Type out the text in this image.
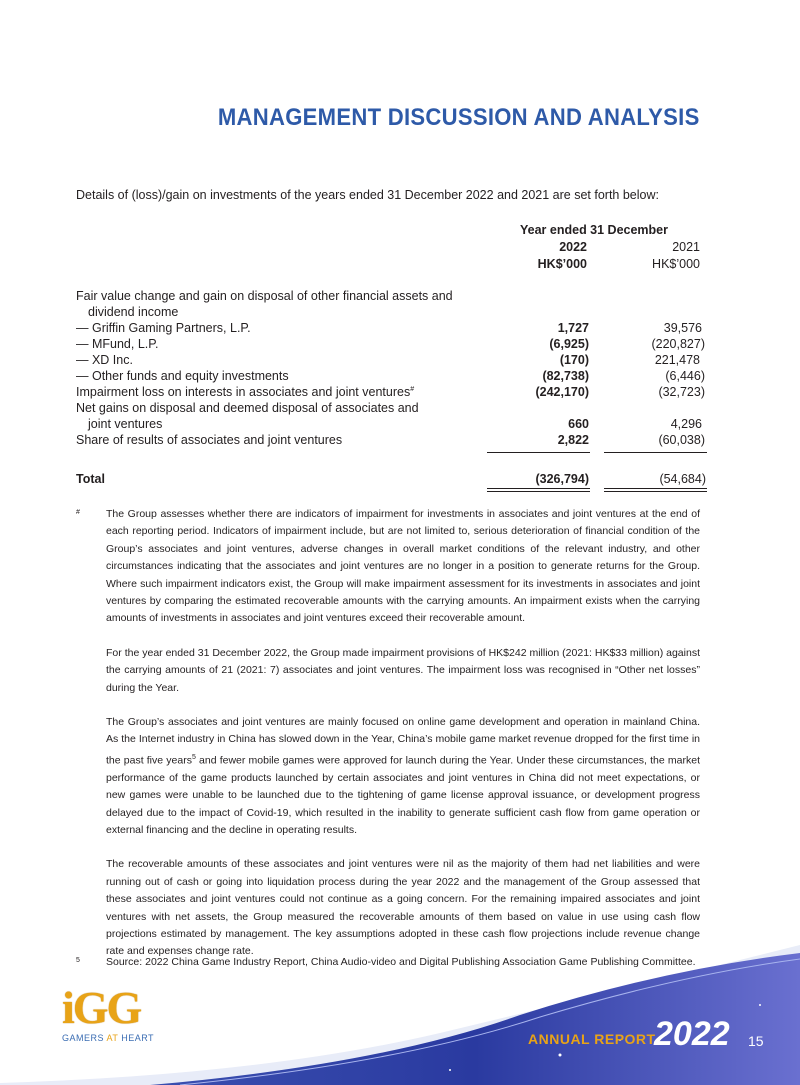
MANAGEMENT DISCUSSION AND ANALYSIS
Details of (loss)/gain on investments of the years ended 31 December 2022 and 2021 are set forth below:
Year ended 31 December
2022	2021
HK$’000	HK$’000
Fair value change and gain on disposal of other financial assets and
dividend income
— Griffin Gaming Partners, L.P.	1,727	39,576
— MFund, L.P.	(6,925)	(220,827)
— XD Inc.	(170)	221,478
— Other funds and equity investments	(82,738)	(6,446)
Impairment loss on interests in associates and joint ventures#	(242,170)	(32,723)
Net gains on disposal and deemed disposal of associates and
joint ventures	660	4,296
Share of results of associates and joint ventures	2,822	(60,038)
Total	(326,794)	(54,684)
# The Group assesses whether there are indicators of impairment for investments in associates and joint ventures at the end of each reporting period. Indicators of impairment include, but are not limited to, serious deterioration of financial condition of the Group’s associates and joint ventures, adverse changes in overall market conditions of the relevant industry, and other circumstances indicating that the associates and joint ventures are no longer in a position to generate returns for the Group. Where such impairment indicators exist, the Group will make impairment assessment for its investments in associates and joint ventures by comparing the estimated recoverable amounts with the carrying amounts. An impairment exists when the carrying amounts of investments in associates and joint ventures exceed their recoverable amount.

For the year ended 31 December 2022, the Group made impairment provisions of HK$242 million (2021: HK$33 million) against the carrying amounts of 21 (2021: 7) associates and joint ventures. The impairment loss was recognised in “Other net losses” during the Year.

The Group’s associates and joint ventures are mainly focused on online game development and operation in mainland China. As the Internet industry in China has slowed down in the Year, China’s mobile game market revenue dropped for the first time in the past five years$^5$ and fewer mobile games were approved for launch during the Year. Under these circumstances, the market performance of the game products launched by certain associates and joint ventures in China did not meet expectations, or new games were unable to be launched due to the tightening of game license approval issuance, or development progress delayed due to the impact of Covid-19, which resulted in the inability to generate sufficient cash flow from game operation or external financing and the decline in operating results.

The recoverable amounts of these associates and joint ventures were nil as the majority of them had net liabilities and were running out of cash or going into liquidation process during the year 2022 and the management of the Group assessed that these associates and joint ventures could not continue as a going concern. For the remaining impaired associates and joint ventures with net assets, the Group measured the recoverable amounts of them based on value in use using cash flow projections estimated by management. The key assumptions adopted in these cash flow projections include revenue change rate and expenses change rate.

5 Source: 2022 China Game Industry Report, China Audio-video and Digital Publishing Association Game Publishing Committee.
iGG
GAMERS AT HEART	ANNUAL REPORT
2022 15
